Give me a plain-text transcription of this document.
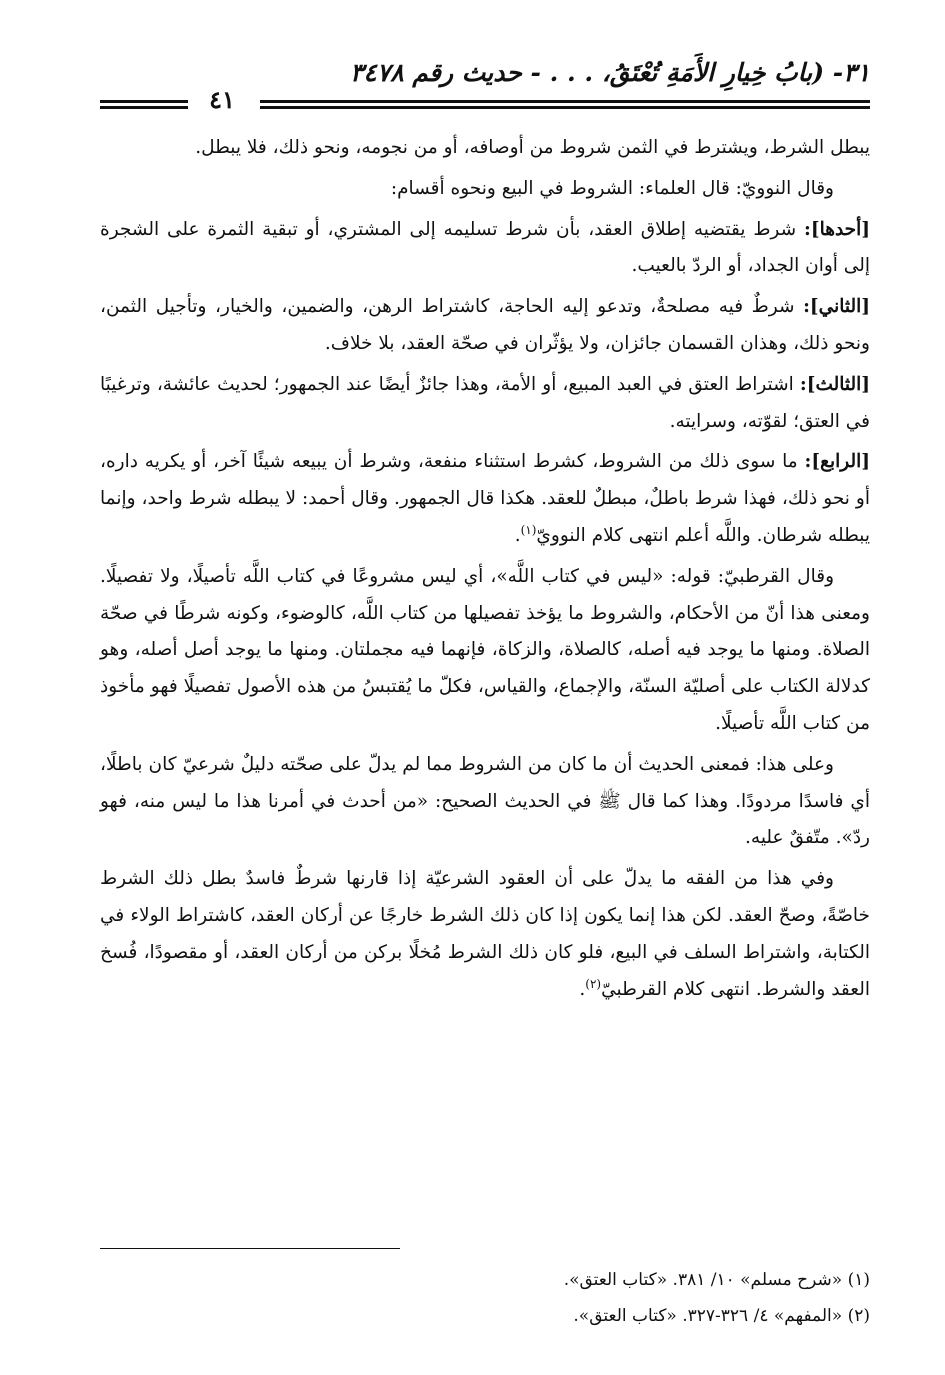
٣١- (بابُ خِيارِ الأَمَةِ تُعْتَقُ، . . . - حديث رقم ٣٤٧٨
٤١

يبطل الشرط، ويشترط في الثمن شروط من أوصافه، أو من نجومه، ونحو ذلك، فلا يبطل.

وقال النوويّ: قال العلماء: الشروط في البيع ونحوه أقسام:

[أحدها]: شرط يقتضيه إطلاق العقد، بأن شرط تسليمه إلى المشتري، أو تبقية الثمرة على الشجرة إلى أوان الجداد، أو الردّ بالعيب.

[الثاني]: شرطٌ فيه مصلحةٌ، وتدعو إليه الحاجة، كاشتراط الرهن، والضمين، والخيار، وتأجيل الثمن، ونحو ذلك، وهذان القسمان جائزان، ولا يؤثّران في صحّة العقد، بلا خلاف.

[الثالث]: اشتراط العتق في العبد المبيع، أو الأمة، وهذا جائزٌ أيضًا عند الجمهور؛ لحديث عائشة، وترغيبًا في العتق؛ لقوّته، وسرايته.

[الرابع]: ما سوى ذلك من الشروط، كشرط استثناء منفعة، وشرط أن يبيعه شيئًا آخر، أو يكريه داره، أو نحو ذلك، فهذا شرط باطلٌ، مبطلٌ للعقد. هكذا قال الجمهور. وقال أحمد: لا يبطله شرط واحد، وإنما يبطله شرطان. واللَّه أعلم انتهى كلام النوويّ$^{(١)}$.

وقال القرطبيّ: قوله: «ليس في كتاب اللَّه»، أي ليس مشروعًا في كتاب اللَّه تأصيلًا، ولا تفصيلًا. ومعنى هذا أنّ من الأحكام، والشروط ما يؤخذ تفصيلها من كتاب اللَّه، كالوضوء، وكونه شرطًا في صحّة الصلاة. ومنها ما يوجد فيه أصله، كالصلاة، والزكاة، فإنهما فيه مجملتان. ومنها ما يوجد أصل أصله، وهو كدلالة الكتاب على أصليّة السنّة، والإجماع، والقياس، فكلّ ما يُقتبسُ من هذه الأصول تفصيلًا فهو مأخوذ من كتاب اللَّه تأصيلًا.

وعلى هذا: فمعنى الحديث أن ما كان من الشروط مما لم يدلّ على صحّته دليلٌ شرعيّ كان باطلًا، أي فاسدًا مردودًا. وهذا كما قال ﷺ في الحديث الصحيح: «من أحدث في أمرنا هذا ما ليس منه، فهو ردّ». متّفقٌ عليه.

وفي هذا من الفقه ما يدلّ على أن العقود الشرعيّة إذا قارنها شرطٌ فاسدٌ بطل ذلك الشرط خاصّةً، وصحّ العقد. لكن هذا إنما يكون إذا كان ذلك الشرط خارجًا عن أركان العقد، كاشتراط الولاء في الكتابة، واشتراط السلف في البيع، فلو كان ذلك الشرط مُخلًا بركن من أركان العقد، أو مقصودًا، فُسخ العقد والشرط. انتهى كلام القرطبيّ$^{(٢)}$.

(١) «شرح مسلم» ١٠/ ٣٨١. «كتاب العتق».
(٢) «المفهم» ٤/ ٣٢٦-٣٢٧. «كتاب العتق».
